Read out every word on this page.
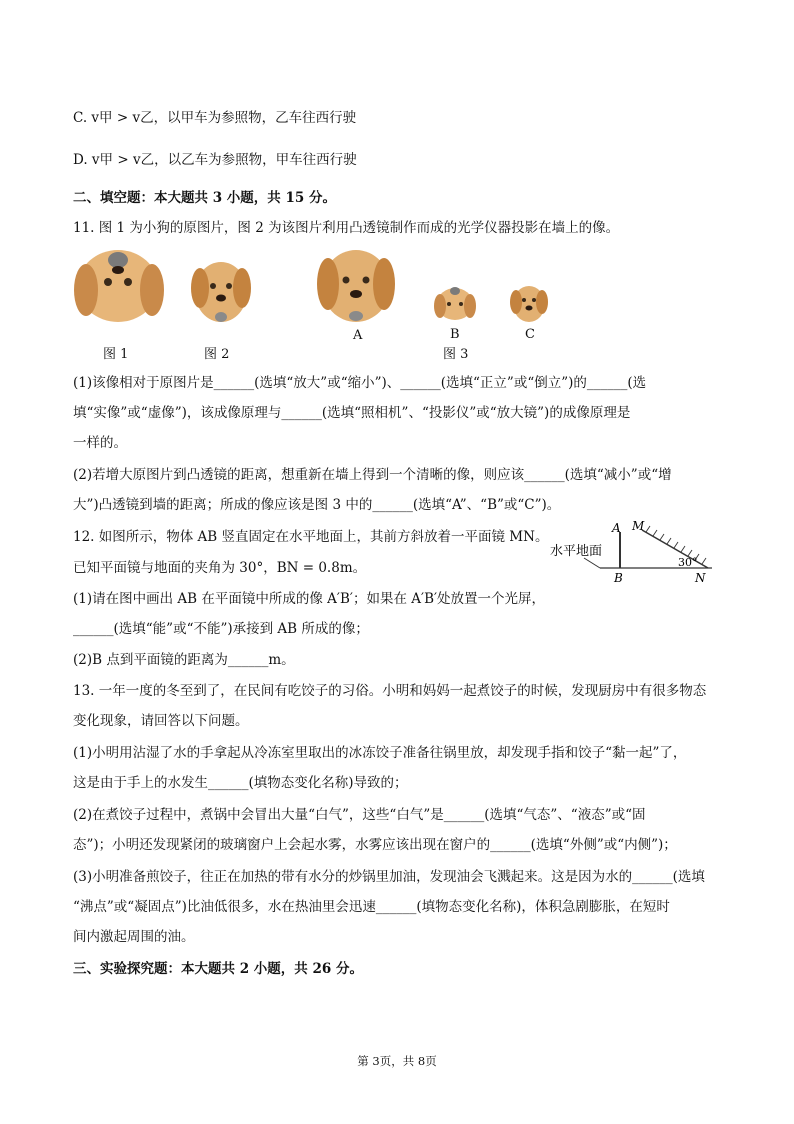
C. v甲 > v乙，以甲车为参照物，乙车往西行驶
D. v甲 > v乙，以乙车为参照物，甲车往西行驶
二、填空题：本大题共 3 小题，共 15 分。
11. 图 1 为小狗的原图片，图 2 为该图片利用凸透镜制作而成的光学仪器投影在墙上的像。
A	B	C
图 1	图 2	图 3
(1)该像相对于原图片是______(选填“放大”或“缩小”)、______(选填“正立”或“倒立”)的______(选
填“实像”或“虚像”)，该成像原理与______(选填“照相机”、“投影仪”或“放大镜”)的成像原理是
一样的。
(2)若增大原图片到凸透镜的距离，想重新在墙上得到一个清晰的像，则应该______(选填“减小”或“增
大”)凸透镜到墙的距离；所成的像应该是图 3 中的______(选填“A”、“B”或“C”)。
12. 如图所示，物体 AB 竖直固定在水平地面上，其前方斜放着一平面镜 MN。
已知平面镜与地面的夹角为 30°，BN = 0.8m。
(1)请在图中画出 AB 在平面镜中所成的像 A′B′；如果在 A′B′处放置一个光屏，
______(选填“能”或“不能”)承接到 AB 所成的像；
(2)B 点到平面镜的距离为______m。
水平地面
A
B
M
N
30°
13. 一年一度的冬至到了，在民间有吃饺子的习俗。小明和妈妈一起煮饺子的时候，发现厨房中有很多物态
变化现象，请回答以下问题。
(1)小明用沾湿了水的手拿起从冷冻室里取出的冰冻饺子准备往锅里放，却发现手指和饺子“黏一起”了，
这是由于手上的水发生______(填物态变化名称)导致的；
(2)在煮饺子过程中，煮锅中会冒出大量“白气”，这些“白气”是______(选填“气态”、“液态”或“固
态”)；小明还发现紧闭的玻璃窗户上会起水雾，水雾应该出现在窗户的______(选填“外侧”或“内侧”)；
(3)小明准备煎饺子，往正在加热的带有水分的炒锅里加油，发现油会飞溅起来。这是因为水的______(选填
“沸点”或“凝固点”)比油低很多，水在热油里会迅速______(填物态变化名称)，体积急剧膨胀，在短时
间内激起周围的油。
三、实验探究题：本大题共 2 小题，共 26 分。
第 3页，共 8页
